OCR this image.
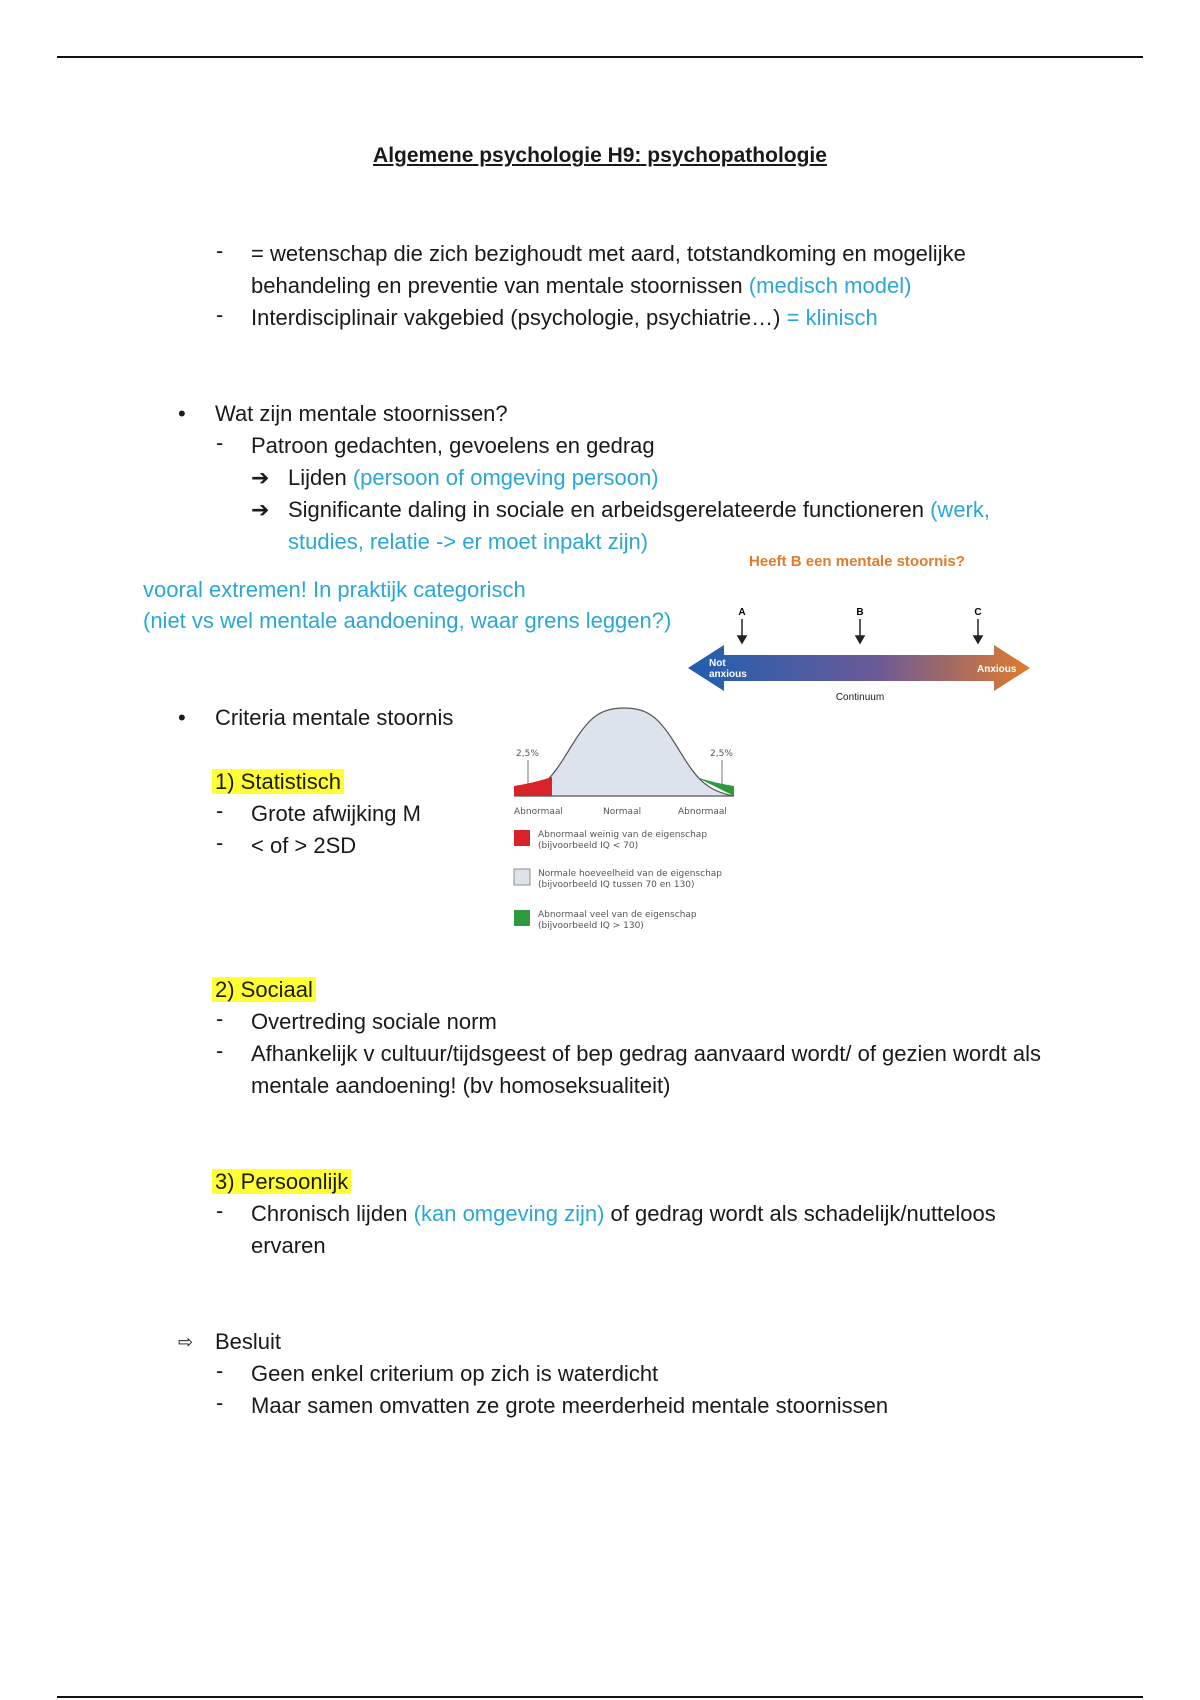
Algemene psychologie H9: psychopathologie
- = wetenschap die zich bezighoudt met aard, totstandkoming en mogelijke
behandeling en preventie van mentale stoornissen (medisch model)
- Interdisciplinair vakgebied (psychologie, psychiatrie…) = klinisch
• Wat zijn mentale stoornissen?
- Patroon gedachten, gevoelens en gedrag
➔ Lijden (persoon of omgeving persoon)
➔ Significante daling in sociale en arbeidsgerelateerde functioneren (werk,
studies, relatie -> er moet inpakt zijn)
vooral extremen! In praktijk categorisch
(niet vs wel mentale aandoening, waar grens leggen?)
Heeft B een mentale stoornis?
A	B	C
Not
anxious	Anxious
Continuum
• Criteria mentale stoornis
1) Statistisch
- Grote afwijking M
- < of > 2SD
2,5%	2,5%
Abnormaal	Normaal	Abnormaal
Abnormaal weinig van de eigenschap
(bijvoorbeeld IQ < 70)
Normale hoeveelheid van de eigenschap
(bijvoorbeeld IQ tussen 70 en 130)
Abnormaal veel van de eigenschap
(bijvoorbeeld IQ > 130)
2) Sociaal
- Overtreding sociale norm
- Afhankelijk v cultuur/tijdsgeest of bep gedrag aanvaard wordt/ of gezien wordt als
mentale aandoening! (bv homoseksualiteit)
3) Persoonlijk
- Chronisch lijden (kan omgeving zijn) of gedrag wordt als schadelijk/nutteloos
ervaren
⇨ Besluit
- Geen enkel criterium op zich is waterdicht
- Maar samen omvatten ze grote meerderheid mentale stoornissen
